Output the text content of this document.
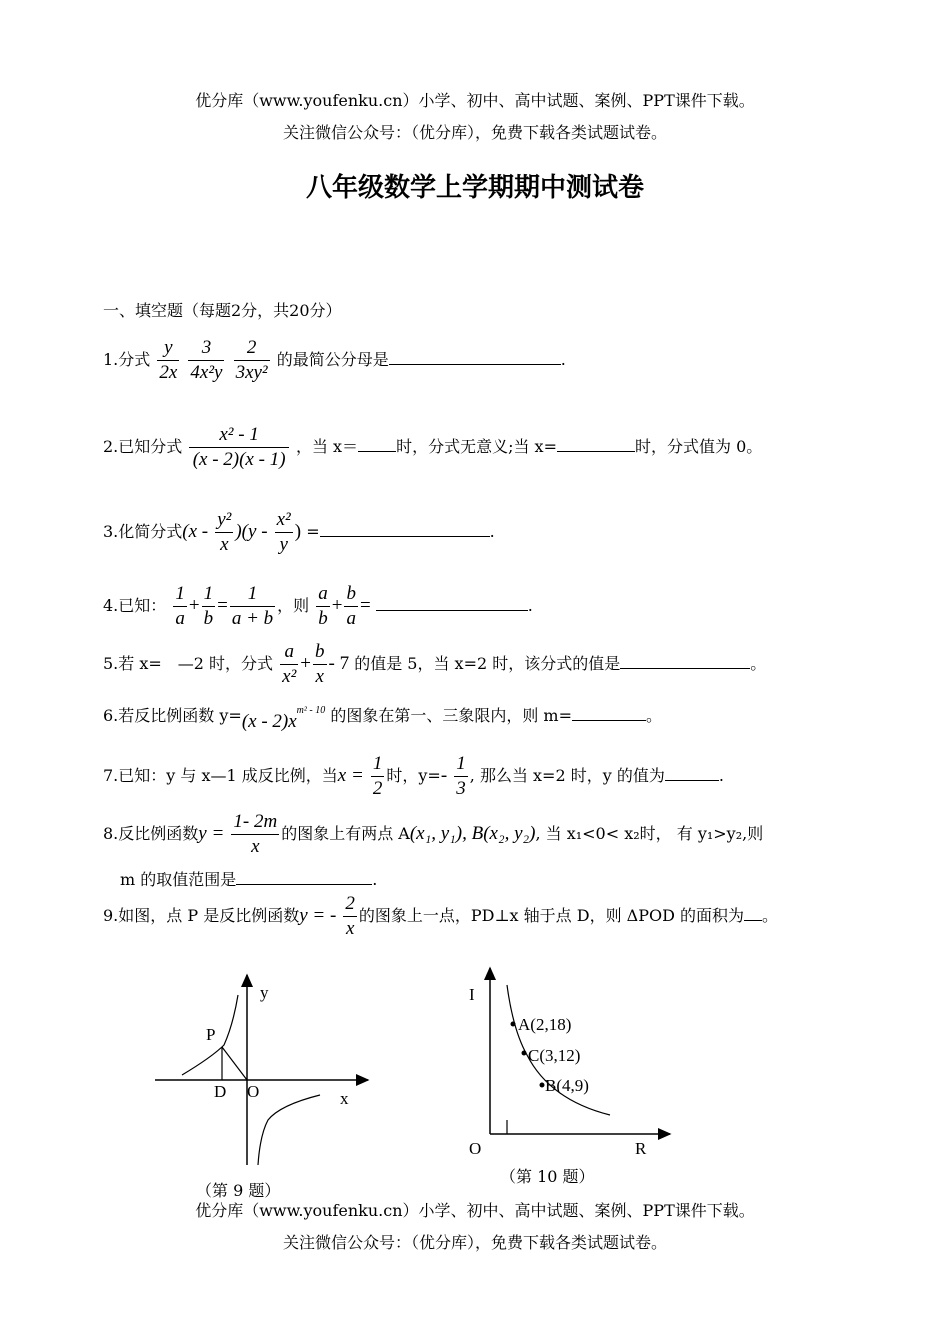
优分库（www.youfenku.cn）小学、初中、高中试题、案例、PPT课件下载。
关注微信公众号：（优分库），免费下载各类试题试卷。
八年级数学上学期期中测试卷
一、填空题（每题2分，共20分）
1.分式 $\frac{y}{2x}$
$\frac{3}{\text{4x²y}}$
$\frac{2}{\text{3xy²}}$ 的最简公分母是	.
2.已知分式 $\frac{\text{x² - 1}}{(x - 2)(x - 1)}$ ，当 x＝ 时，分式无意义;当 x=	时，分式值为 0。
3.化简分式$(x - \frac{\text{y²}}{x} )(y - \frac{\text{x²}}{y}$ ) =	.
4.已知： $\frac{1}{a} + \frac{1}{b} = \frac{1}{a + b}$ ，则 $\frac{a}{b} + \frac{b}{a}$ =	.
5.若 x=　—2 时，分式 $\frac{a}{\text{x²}} + \frac{b}{x} - 7$ 的值是 5，当 x=2 时，该分式的值是	。
6.若反比例函数 $y=(x - 2)x^{m^2 - 10}$ 的图象在第一、三象限内，则 m=	。
7.已知：y 与 x—1 成反比例，当$x = \frac{1}{2}$ 时，$y=- \frac{1}{3}$ , 那么当 x=2 时，y 的值为	.
8.反比例函数$y = \frac{1- 2m}{x}$ 的图象上有两点 A(x₁, y₁), B(x₂, y₂), 当 x₁<0< x₂时， 有 y₁>y₂,则
m 的取值范围是	.
9.如图，点 P 是反比例函数y = - $\frac{2}{x}$ 的图象上一点，PD⊥x 轴于点 D，则 ΔPOD 的面积为 。
y
x
P
D O
（第 9 题）
A(2,18)
C(3,12)
B(4,9)
I
O	R
（第 10 题）
优分库（www.youfenku.cn）小学、初中、高中试题、案例、PPT课件下载。
关注微信公众号：（优分库），免费下载各类试题试卷。
